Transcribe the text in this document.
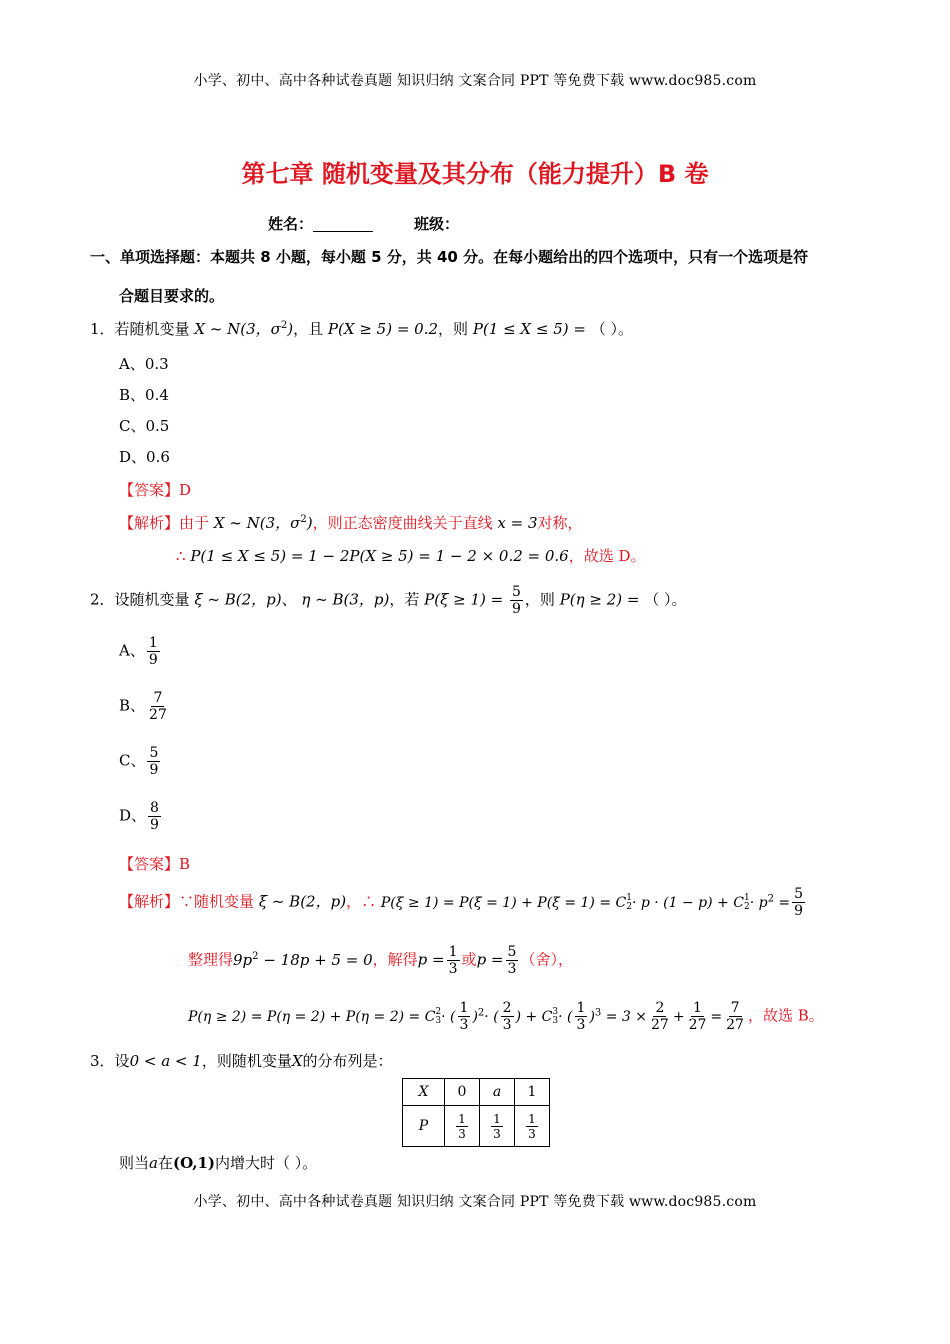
小学、初中、高中各种试卷真题 知识归纳 文案合同 PPT 等免费下载 www.doc985.com
第七章 随机变量及其分布（能力提升）B 卷
姓名：	班级：
一、单项选择题：本题共 8 小题，每小题 5 分，共 40 分。在每小题给出的四个选项中，只有一个选项是符
合题目要求的。
1．若随机变量 X ~ N(3，$\sigma^2$)，且 P(X ≥ 5) = 0.2，则 P(1 ≤ X ≤ 5) = （ ）。
A、0.3
B、0.4
C、0.5
D、0.6
【答案】D
【解析】由于 X ~ N(3，$\sigma^2$)，则正态密度曲线关于直线 x = 3对称，
∴ P(1 ≤ X ≤ 5) = 1 − 2P(X ≥ 5) = 1 − 2 × 0.2 = 0.6，故选 D。
2．设随机变量 ξ ~ B(2，p)、 η ~ B(3，p)，若 $P(\xi \ge 1) = \frac{5}{9}$ ，则 P(η ≥ 2) = （ ）。
A、 $\frac{1}{9}$
B、 $\frac{7}{27}$
C、 $\frac{5}{9}$
D、 $\frac{8}{9}$
【答案】B
【解析】∵随机变量 ξ ~ B(2，p)，∴ P(ξ ≥ 1) = P(ξ = 1) + P(ξ = 1) = C 1
2 · p · (1 − p) + C 1
$2 \cdot p^2 = \frac{5}{9}$
整理得$9p^2 - 18p + 5 = 0$，解得$p = \frac{1}{3}$ 或$p = \frac{5}{3}$ （舍），
P(η ≥ 2) = P(η = 2) + P(η = 2) = C 2
3 · ( $\frac{1}{3} )^2\cdot$ ( $\frac{2}{3}$ ) + C 3
3 · ( $\frac{1}{3} )^3 = 3 \times \frac{2}{27} + \frac{1}{27} = \frac{7}{27}$ ，故选 B。
3．设0 < a < 1，则随机变量X的分布列是：
X	0	a	1
P	$\frac{1}{3}$	$\frac{1}{3}$	$\frac{1}{3}$
则当a在(O,1)内增大时（ ）。
小学、初中、高中各种试卷真题 知识归纳 文案合同 PPT 等免费下载 www.doc985.com
